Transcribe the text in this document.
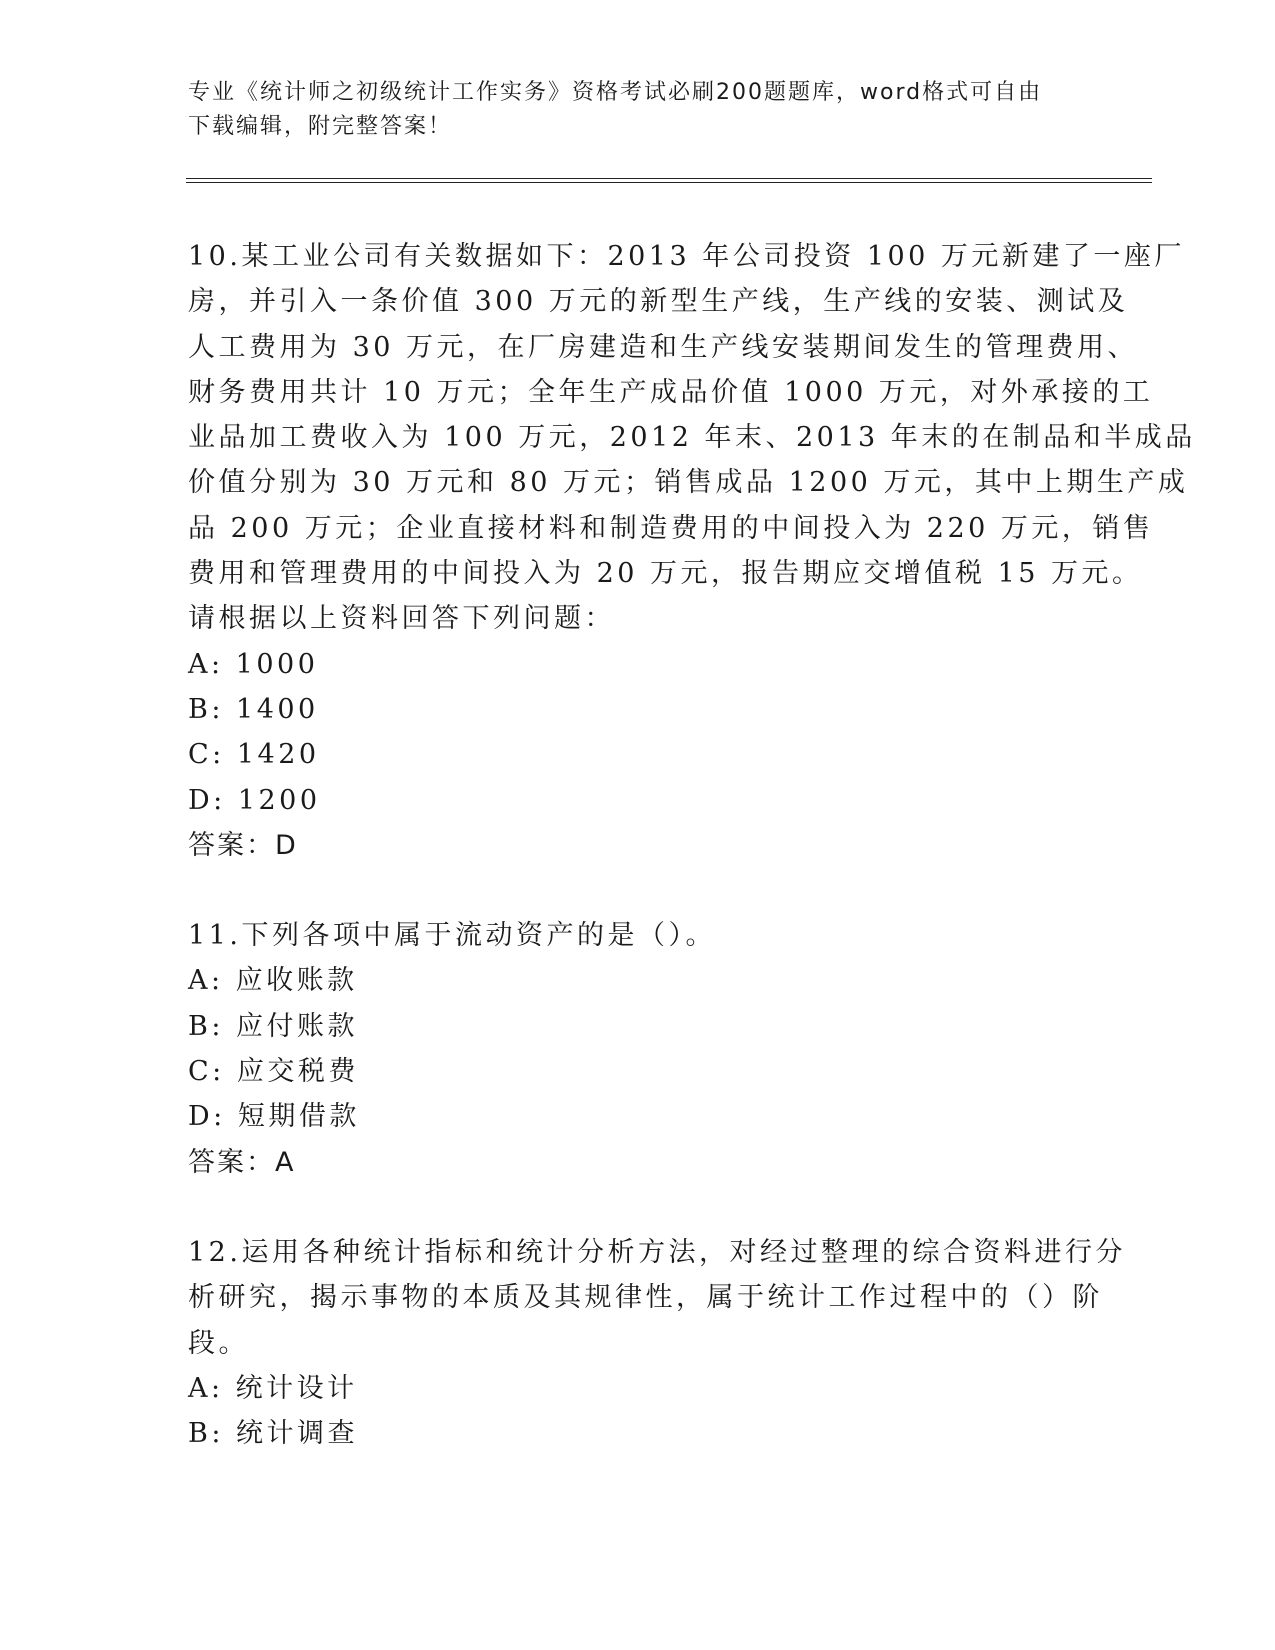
专业《统计师之初级统计工作实务》资格考试必刷200题题库，word格式可自由
下载编辑，附完整答案！
10.某工业公司有关数据如下：2013 年公司投资 100 万元新建了一座厂
房，并引入一条价值 300 万元的新型生产线，生产线的安装、测试及
人工费用为 30 万元，在厂房建造和生产线安装期间发生的管理费用、
财务费用共计 10 万元；全年生产成品价值 1000 万元，对外承接的工
业品加工费收入为 100 万元，2012 年末、2013 年末的在制品和半成品
价值分别为 30 万元和 80 万元；销售成品 1200 万元，其中上期生产成
品 200 万元；企业直接材料和制造费用的中间投入为 220 万元，销售
费用和管理费用的中间投入为 20 万元，报告期应交增值税 15 万元。
请根据以上资料回答下列问题：
A: 1000
B: 1400
C: 1420
D: 1200
答案：D
11.下列各项中属于流动资产的是（）。
A: 应收账款
B: 应付账款
C: 应交税费
D: 短期借款
答案：A
12.运用各种统计指标和统计分析方法，对经过整理的综合资料进行分
析研究，揭示事物的本质及其规律性，属于统计工作过程中的（）阶
段。
A: 统计设计
B: 统计调查
